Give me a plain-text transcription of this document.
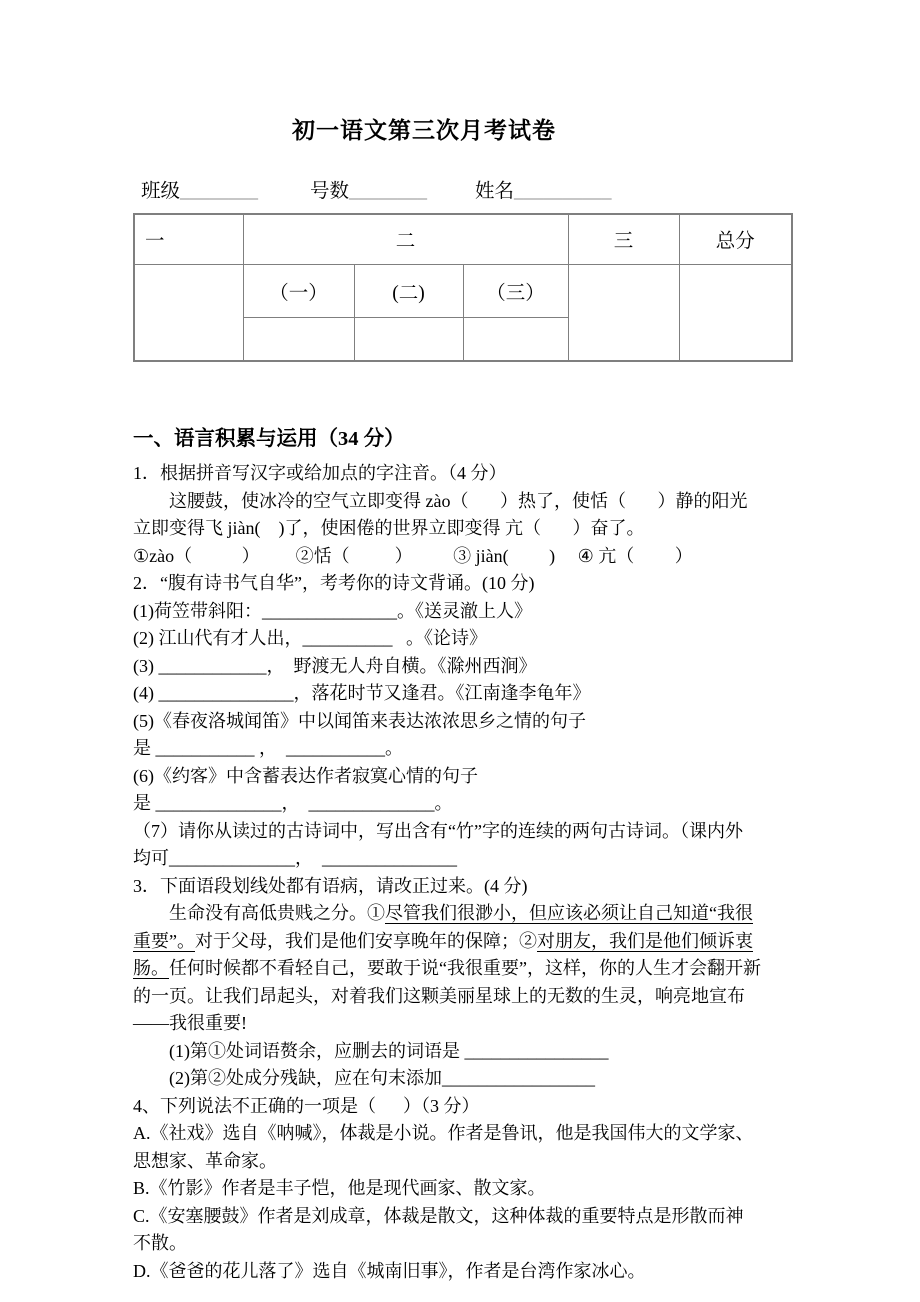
初一语文第三次月考试卷
班级________	号数________ 姓名__________
一	二			三	总分
	（一）	(二)	（三）		

一、语言积累与运用（34 分）
1．根据拼音写汉字或给加点的字注音。（4 分）
这腰鼓，使冰冷的空气立即变得 zào（       ）热了，使恬（       ）静的阳光
立即变得飞 jiàn(    )了，使困倦的世界立即变得 亢（       ）奋了。
①zào（           ）        ②恬（          ）         ③ jiàn(         )     ④ 亢（         ）
2．“腹有诗书气自华”，考考你的诗文背诵。(10 分)
(1)荷笠带斜阳：_______________。《送灵澈上人》
(2) 江山代有才人出，__________   。《论诗》
(3) ____________，  野渡无人舟自横。《滁州西涧》
(4) _______________，落花时节又逢君。《江南逢李龟年》
(5)《春夜洛城闻笛》中以闻笛来表达浓浓思乡之情的句子
是 ___________ ，  ___________。
(6)《约客》中含蓄表达作者寂寞心情的句子
是 ______________，  ______________。
（7）请你从读过的古诗词中，写出含有“竹”字的连续的两句古诗词。（课内外
均可______________，  _______________
3．下面语段划线处都有语病，请改正过来。(4 分)
生命没有高低贵贱之分。①尽管我们很渺小，但应该必须让自己知道“我很
重要”。对于父母，我们是他们安享晚年的保障；②对朋友，我们是他们倾诉衷
肠。任何时候都不看轻自己，要敢于说“我很重要”，这样，你的人生才会翻开新
的一页。让我们昂起头，对着我们这颗美丽星球上的无数的生灵，响亮地宣布
——我很重要!
(1)第①处词语赘余，应删去的词语是 ________________
(2)第②处成分残缺，应在句末添加_________________
4、下列说法不正确的一项是（      ）（3 分）
A.《社戏》选自《呐喊》，体裁是小说。作者是鲁讯，他是我国伟大的文学家、
思想家、革命家。
B.《竹影》作者是丰子恺，他是现代画家、散文家。
C.《安塞腰鼓》作者是刘成章，体裁是散文，这种体裁的重要特点是形散而神
不散。
D.《爸爸的花儿落了》选自《城南旧事》，作者是台湾作家冰心。
